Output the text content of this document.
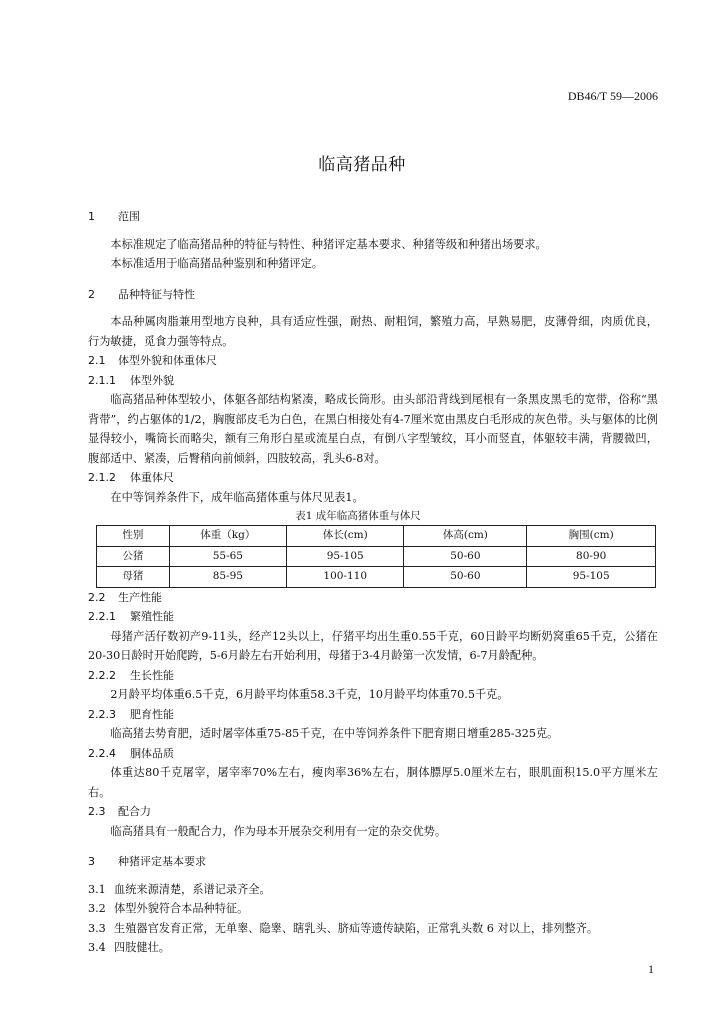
DB46/T 59—2006
临高猪品种
1 范围

本标准规定了临高猪品种的特征与特性、种猪评定基本要求、种猪等级和种猪出场要求。

本标准适用于临高猪品种鉴别和种猪评定。

2 品种特征与特性

本品种属肉脂兼用型地方良种，具有适应性强，耐热、耐粗饲，繁殖力高，早熟易肥，皮薄骨细，肉质优良，行为敏捷，觅食力强等特点。

2.1 体型外貌和体重体尺
2.1.1 体型外貌

临高猪品种体型较小，体躯各部结构紧凑，略成长筒形。由头部沿背线到尾根有一条黑皮黑毛的宽带，俗称“黑背带”，约占躯体的1/2，胸腹部皮毛为白色，在黑白相接处有4-7厘米宽由黑皮白毛形成的灰色带。头与躯体的比例显得较小，嘴筒长而略尖，额有三角形白星或流星白点，有倒八字型皱纹，耳小而竖直，体躯较丰满，背腰微凹，腹部适中、紧凑，后臀稍向前倾斜，四肢较高，乳头6-8对。

2.1.2 体重体尺

在中等饲养条件下，成年临高猪体重与体尺见表1。

表1 成年临高猪体重与体尺
性别	体重（kg）	体长(cm)	体高(cm)	胸围(cm)
公猪	55-65	95-105	50-60	80-90
母猪	85-95	100-110	50-60	95-105
2.2 生产性能
2.2.1 繁殖性能

母猪产活仔数初产9-11头，经产12头以上，仔猪平均出生重0.55千克，60日龄平均断奶窝重65千克，公猪在20-30日龄时开始爬跨，5-6月龄左右开始利用，母猪于3-4月龄第一次发情，6-7月龄配种。

2.2.2 生长性能

2月龄平均体重6.5千克，6月龄平均体重58.3千克，10月龄平均体重70.5千克。

2.2.3 肥育性能

临高猪去势育肥，适时屠宰体重75-85千克，在中等饲养条件下肥育期日增重285-325克。

2.2.4 胴体品质

体重达80千克屠宰，屠宰率70%左右，瘦肉率36%左右，胴体膘厚5.0厘米左右，眼肌面积15.0平方厘米左右。

2.3 配合力

临高猪具有一般配合力，作为母本开展杂交利用有一定的杂交优势。

3 种猪评定基本要求
3.1 血统来源清楚，系谱记录齐全。
3.2 体型外貌符合本品种特征。
3.3 生殖器官发育正常，无单睾、隐睾、瞎乳头、脐疝等遗传缺陷，正常乳头数 6 对以上，排列整齐。
3.4 四肢健壮。
1
